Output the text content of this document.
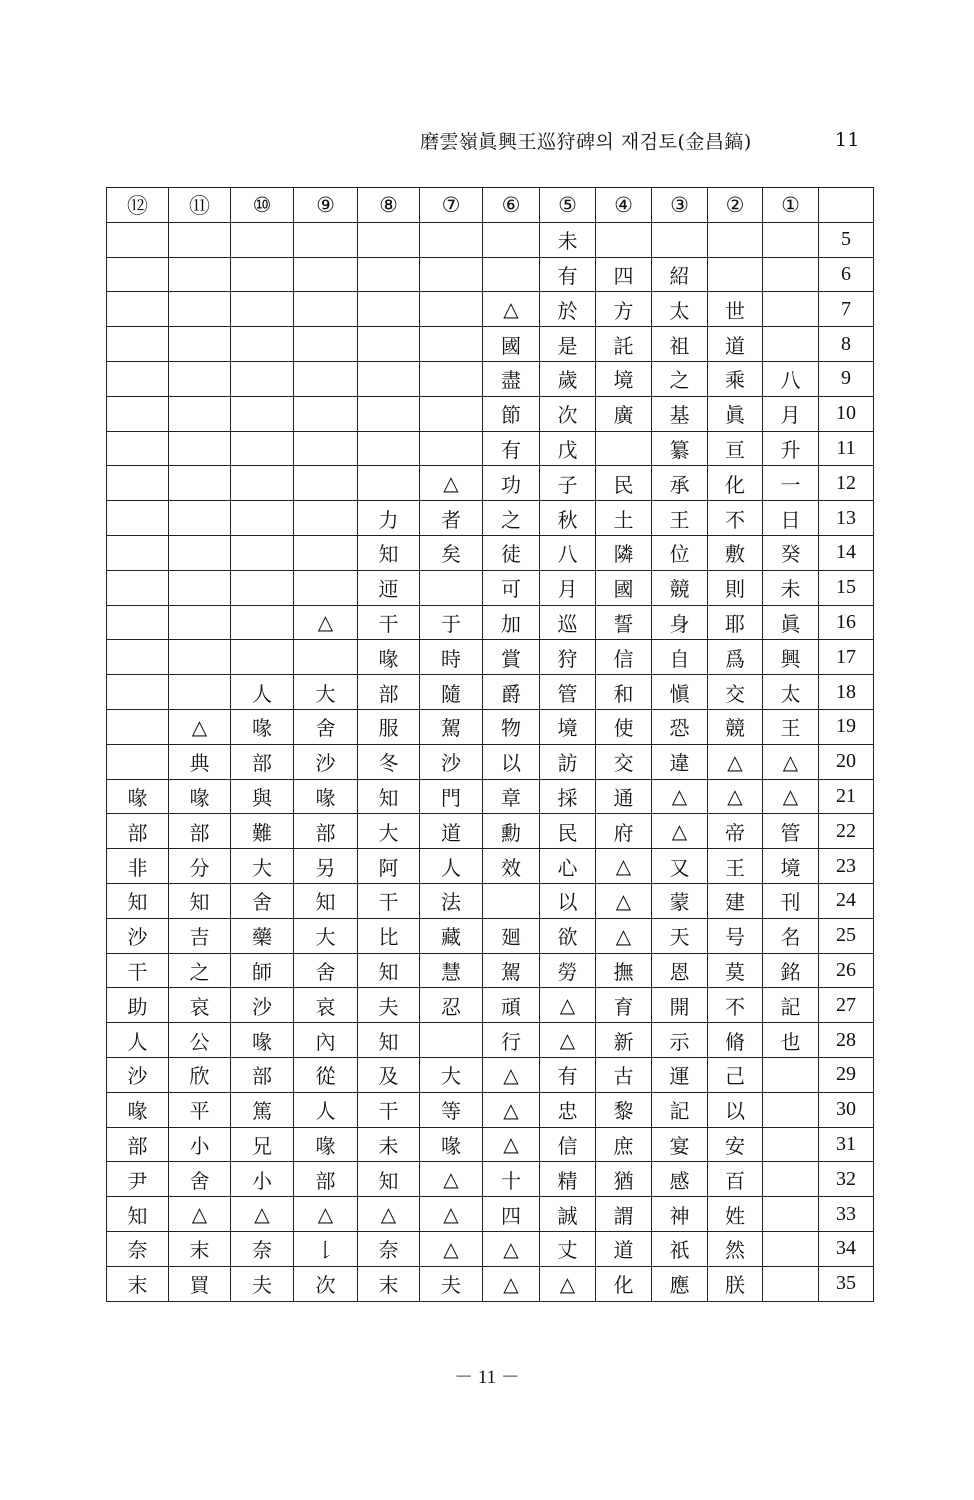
磨雲嶺眞興王巡狩碑의 재검토(金昌鎬)	11
⑫	⑪	⑩	⑨	⑧	⑦	⑥	⑤	④	③	②	①	
							未					5
							有	四	紹			6
						△	於	方	太	世		7
						國	是	託	祖	道		8
						盡	歲	境	之	乘	八	9
						節	次	廣	基	眞	月	10
						有	戊		纂	亘	升	11
					△	功	子	民	承	化	一	12
				力	者	之	秋	土	王	不	日	13
				知	矣	徒	八	隣	位	敷	癸	14
				迊		可	月	國	競	則	未	15
			△	干	于	加	巡	誓	身	耶	眞	16
				喙	時	賞	狩	信	自	爲	興	17
		人	大	部	隨	爵	管	和	愼	交	太	18
	△	喙	舍	服	駕	物	境	使	恐	競	王	19
	典	部	沙	冬	沙	以	訪	交	違	△	△	20
喙	喙	與	喙	知	門	章	採	通	△	△	△	21
部	部	難	部	大	道	勳	民	府	△	帝	管	22
非	分	大	另	阿	人	效	心	△	又	王	境	23
知	知	舍	知	干	法		以	△	蒙	建	刊	24
沙	吉	藥	大	比	藏	廻	欲	△	天	号	名	25
干	之	師	舍	知	慧	駕	勞	撫	恩	莫	銘	26
助	哀	沙	哀	夫	忍	頑	△	育	開	不	記	27
人	公	喙	內	知		行	△	新	示	脩	也	28
沙	欣	部	從	及	大	△	有	古	運	己		29
喙	平	篤	人	干	等	△	忠	黎	記	以		30
部	小	兄	喙	未	喙	△	信	庶	宴	安		31
尹	舍	小	部	知	△	十	精	猶	感	百		32
知	△	△	△	△	△	四	誠	謂	神	姓		33
奈	末	奈	𠄌	奈	△	△	丈	道	祇	然		34
末	買	夫	次	末	夫	△	△	化	應	朕		35
－ 11 －
